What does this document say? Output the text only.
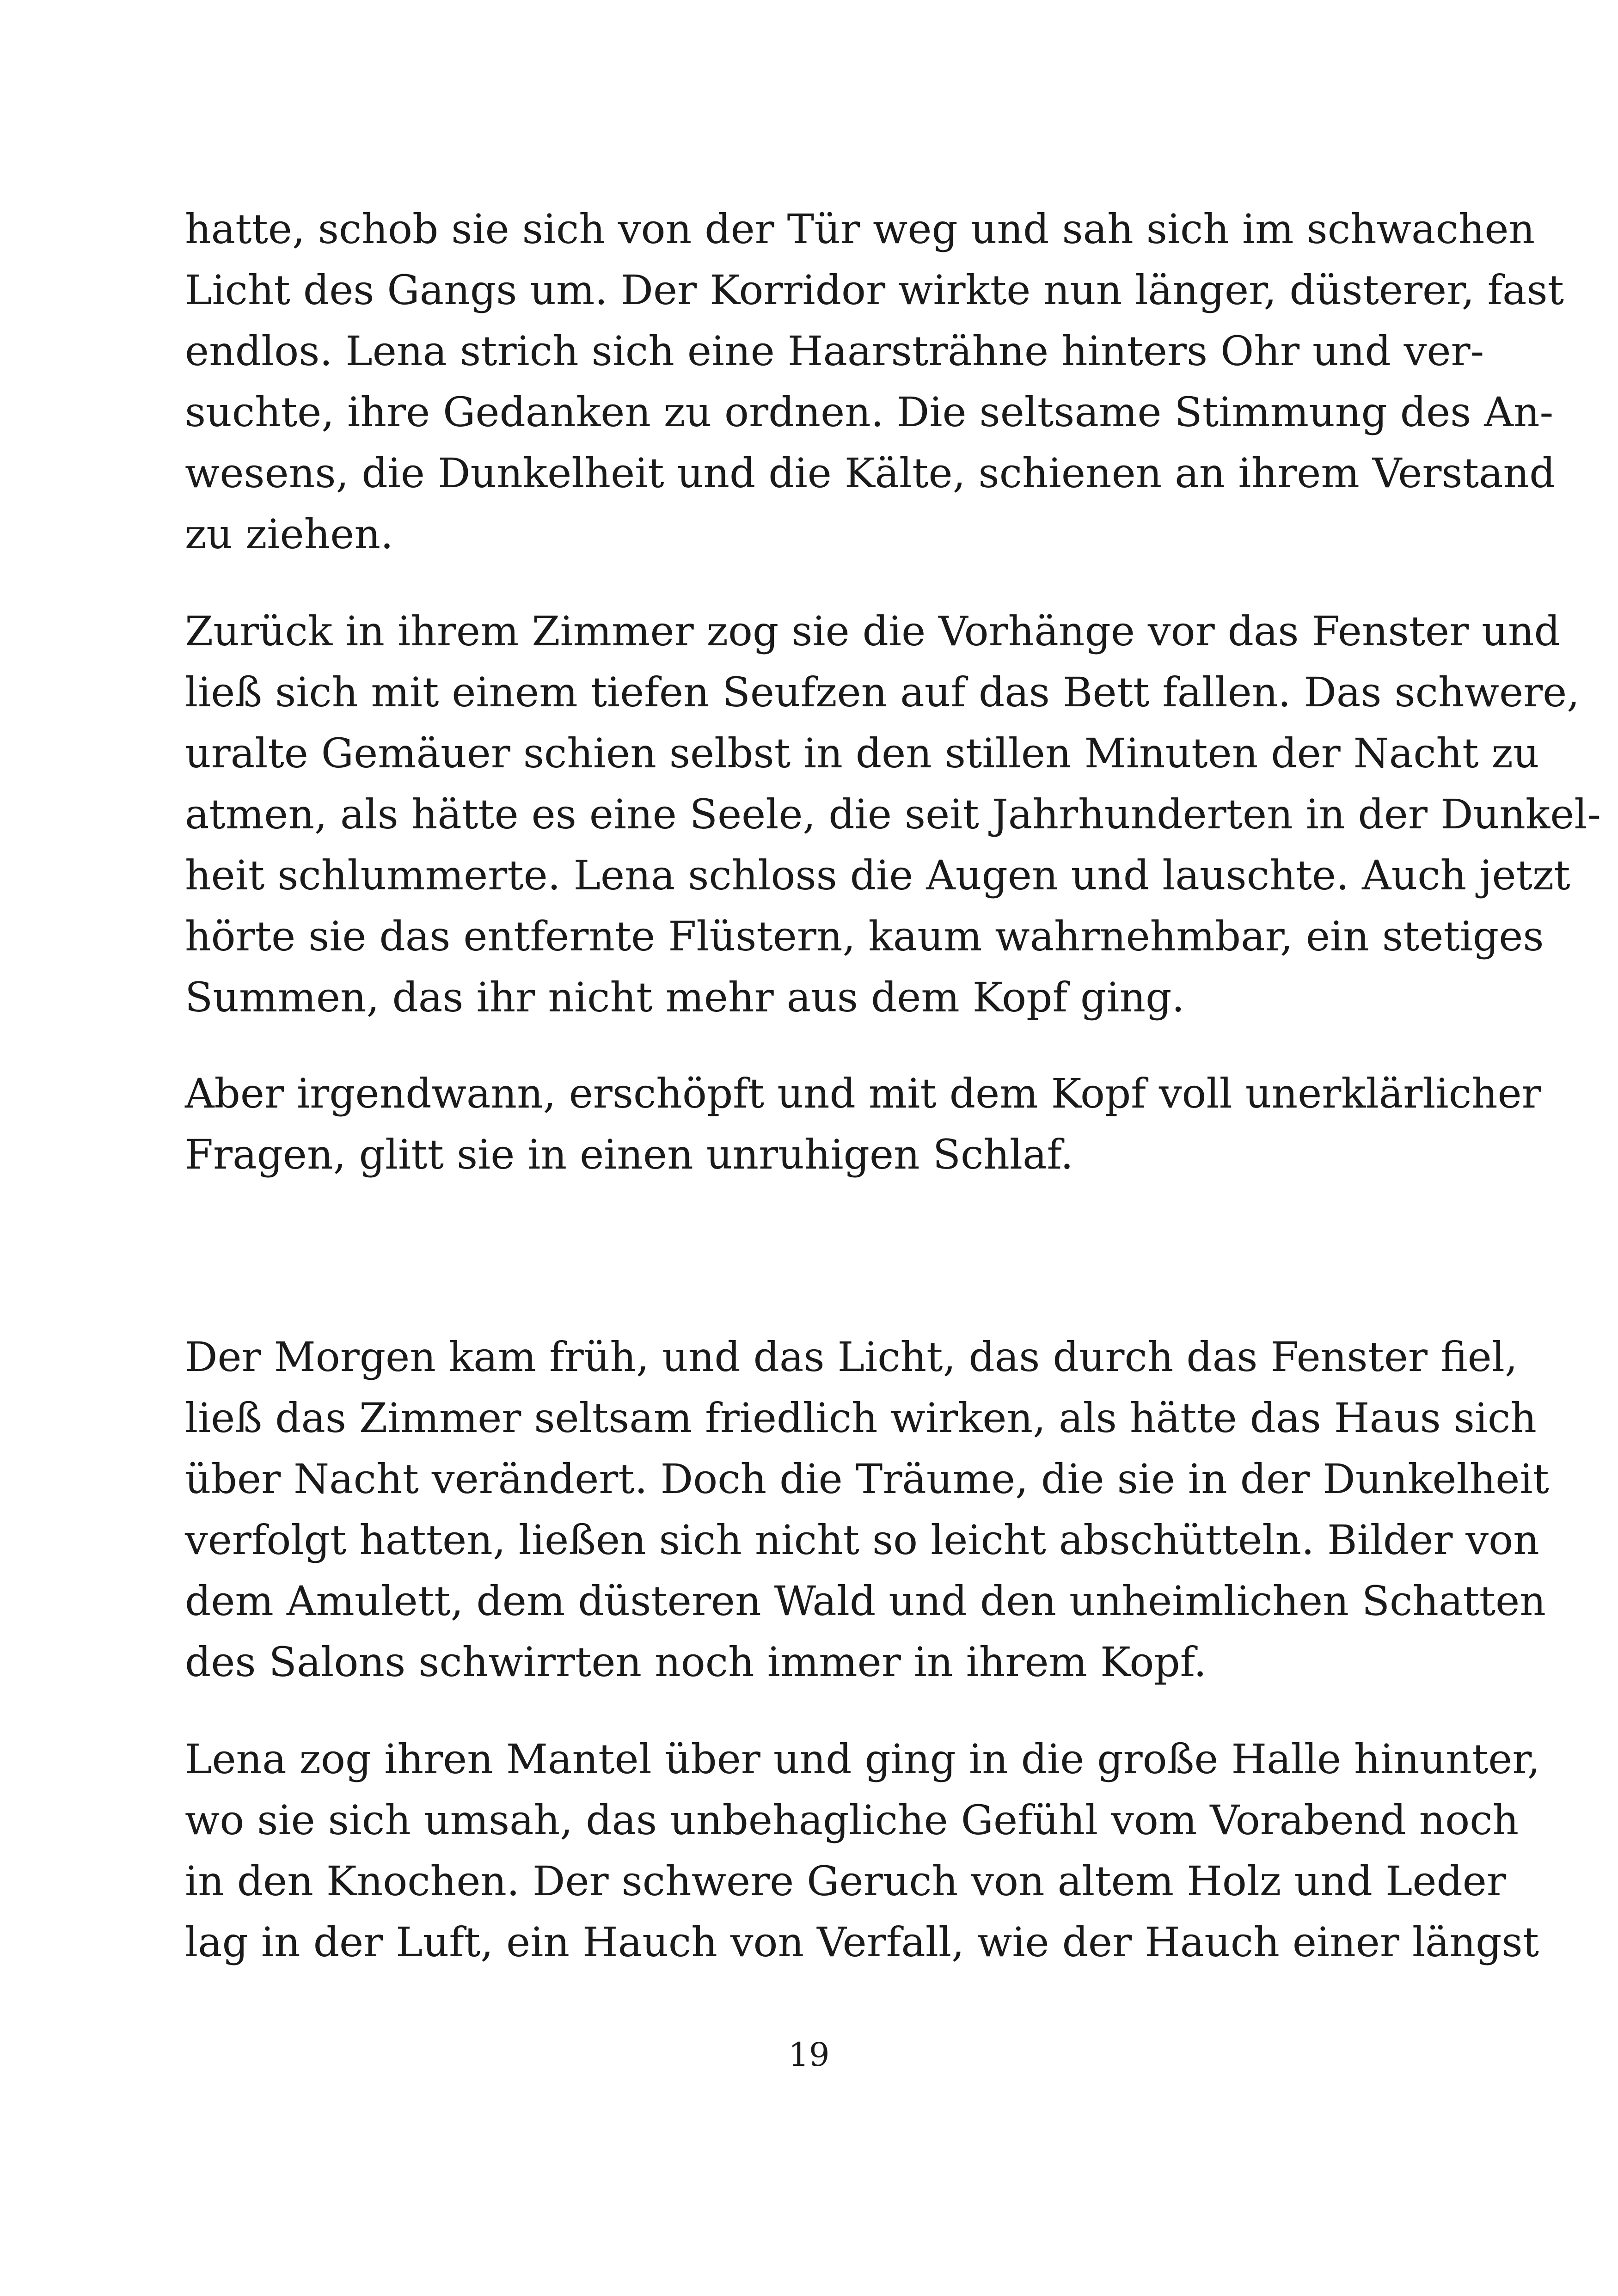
hatte, schob sie sich von der Tür weg und sah sich im schwachen
Licht des Gangs um. Der Korridor wirkte nun länger, düsterer, fast
endlos. Lena strich sich eine Haarsträhne hinters Ohr und ver-
suchte, ihre Gedanken zu ordnen. Die seltsame Stimmung des An-
wesens, die Dunkelheit und die Kälte, schienen an ihrem Verstand
zu ziehen.
Zurück in ihrem Zimmer zog sie die Vorhänge vor das Fenster und
ließ sich mit einem tiefen Seufzen auf das Bett fallen. Das schwere,
uralte Gemäuer schien selbst in den stillen Minuten der Nacht zu
atmen, als hätte es eine Seele, die seit Jahrhunderten in der Dunkel-
heit schlummerte. Lena schloss die Augen und lauschte. Auch jetzt
hörte sie das entfernte Flüstern, kaum wahrnehmbar, ein stetiges
Summen, das ihr nicht mehr aus dem Kopf ging.
Aber irgendwann, erschöpft und mit dem Kopf voll unerklärlicher
Fragen, glitt sie in einen unruhigen Schlaf.
Der Morgen kam früh, und das Licht, das durch das Fenster fiel,
ließ das Zimmer seltsam friedlich wirken, als hätte das Haus sich
über Nacht verändert. Doch die Träume, die sie in der Dunkelheit
verfolgt hatten, ließen sich nicht so leicht abschütteln. Bilder von
dem Amulett, dem düsteren Wald und den unheimlichen Schatten
des Salons schwirrten noch immer in ihrem Kopf.
Lena zog ihren Mantel über und ging in die große Halle hinunter,
wo sie sich umsah, das unbehagliche Gefühl vom Vorabend noch
in den Knochen. Der schwere Geruch von altem Holz und Leder
lag in der Luft, ein Hauch von Verfall, wie der Hauch einer längst
19
